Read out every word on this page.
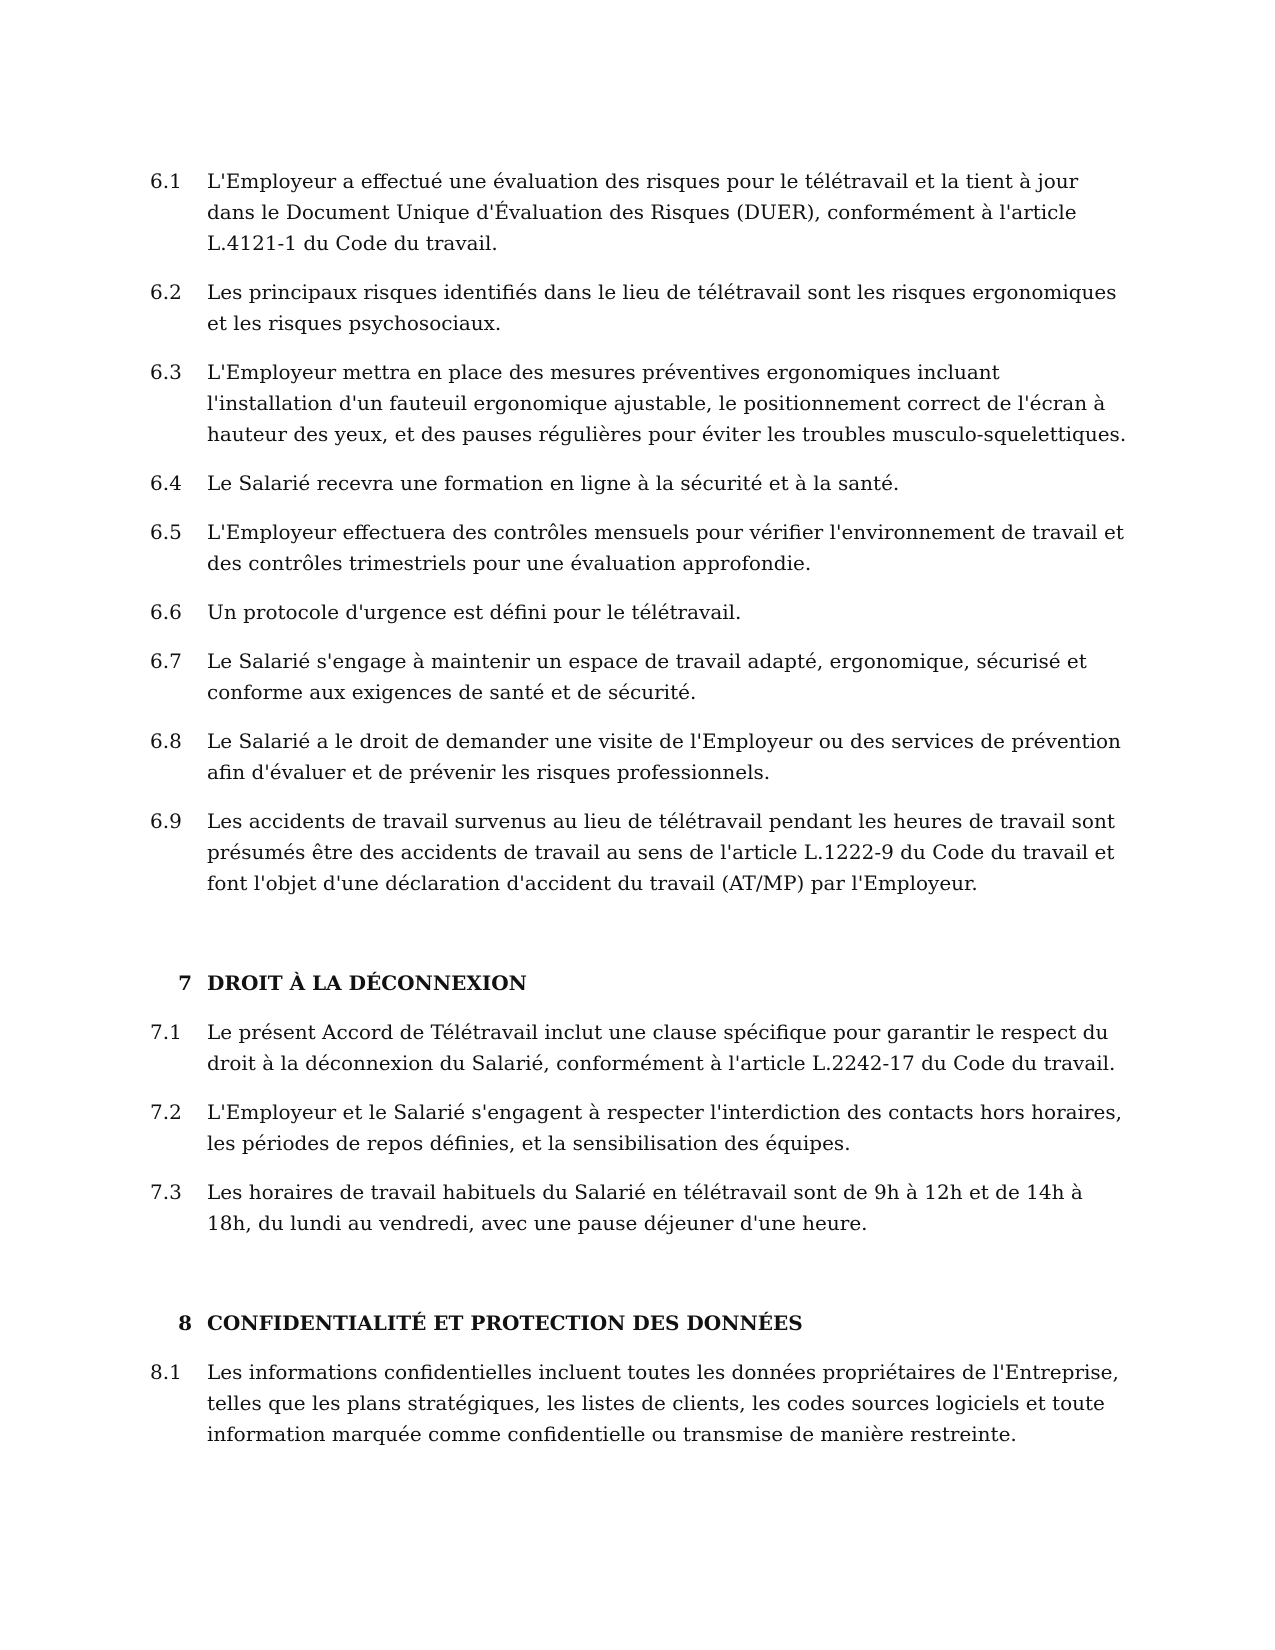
6.1	L'Employeur a effectué une évaluation des risques pour le télétravail et la tient à jour dans le Document Unique d'Évaluation des Risques (DUER), conformément à l'article L.4121-1 du Code du travail.
6.2	Les principaux risques identifiés dans le lieu de télétravail sont les risques ergonomiques et les risques psychosociaux.
6.3	L'Employeur mettra en place des mesures préventives ergonomiques incluant l'installation d'un fauteuil ergonomique ajustable, le positionnement correct de l'écran à hauteur des yeux, et des pauses régulières pour éviter les troubles musculo-squelettiques.
6.4	Le Salarié recevra une formation en ligne à la sécurité et à la santé.
6.5	L'Employeur effectuera des contrôles mensuels pour vérifier l'environnement de travail et des contrôles trimestriels pour une évaluation approfondie.
6.6	Un protocole d'urgence est défini pour le télétravail.
6.7	Le Salarié s'engage à maintenir un espace de travail adapté, ergonomique, sécurisé et conforme aux exigences de santé et de sécurité.
6.8	Le Salarié a le droit de demander une visite de l'Employeur ou des services de prévention afin d'évaluer et de prévenir les risques professionnels.
6.9	Les accidents de travail survenus au lieu de télétravail pendant les heures de travail sont présumés être des accidents de travail au sens de l'article L.1222-9 du Code du travail et font l'objet d'une déclaration d'accident du travail (AT/MP) par l'Employeur.
7 DROIT À LA DÉCONNEXION
7.1	Le présent Accord de Télétravail inclut une clause spécifique pour garantir le respect du droit à la déconnexion du Salarié, conformément à l'article L.2242-17 du Code du travail.
7.2	L'Employeur et le Salarié s'engagent à respecter l'interdiction des contacts hors horaires, les périodes de repos définies, et la sensibilisation des équipes.
7.3	Les horaires de travail habituels du Salarié en télétravail sont de 9h à 12h et de 14h à 18h, du lundi au vendredi, avec une pause déjeuner d'une heure.
8 CONFIDENTIALITÉ ET PROTECTION DES DONNÉES
8.1	Les informations confidentielles incluent toutes les données propriétaires de l'Entreprise, telles que les plans stratégiques, les listes de clients, les codes sources logiciels et toute information marquée comme confidentielle ou transmise de manière restreinte.
